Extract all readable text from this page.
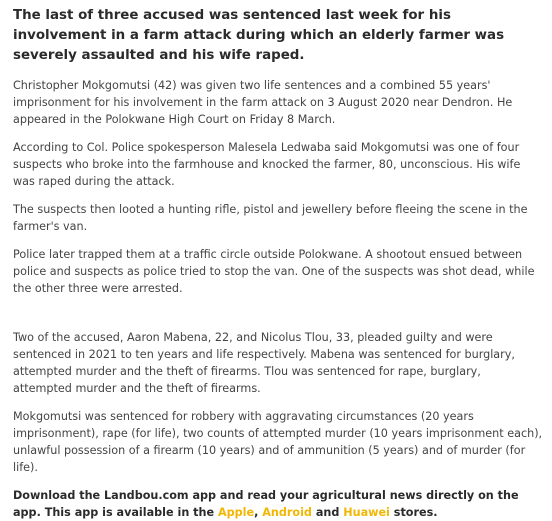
The last of three accused was sentenced last week for his involvement in a farm attack during which an elderly farmer was severely assaulted and his wife raped.

Christopher Mokgomutsi (42) was given two life sentences and a combined 55 years' imprisonment for his involvement in the farm attack on 3 August 2020 near Dendron. He appeared in the Polokwane High Court on Friday 8 March.

According to Col. Police spokesperson Malesela Ledwaba said Mokgomutsi was one of four suspects who broke into the farmhouse and knocked the farmer, 80, unconscious. His wife was raped during the attack.

The suspects then looted a hunting rifle, pistol and jewellery before fleeing the scene in the farmer's van.

Police later trapped them at a traffic circle outside Polokwane. A shootout ensued between police and suspects as police tried to stop the van. One of the suspects was shot dead, while the other three were arrested.

Two of the accused, Aaron Mabena, 22, and Nicolus Tlou, 33, pleaded guilty and were sentenced in 2021 to ten years and life respectively. Mabena was sentenced for burglary, attempted murder and the theft of firearms. Tlou was sentenced for rape, burglary, attempted murder and the theft of firearms.

Mokgomutsi was sentenced for robbery with aggravating circumstances (20 years imprisonment), rape (for life), two counts of attempted murder (10 years imprisonment each), unlawful possession of a firearm (10 years) and of ammunition (5 years) and of murder (for life).

Download the Landbou.com app and read your agricultural news directly on the app. This app is available in the Apple, Android and Huawei stores.
